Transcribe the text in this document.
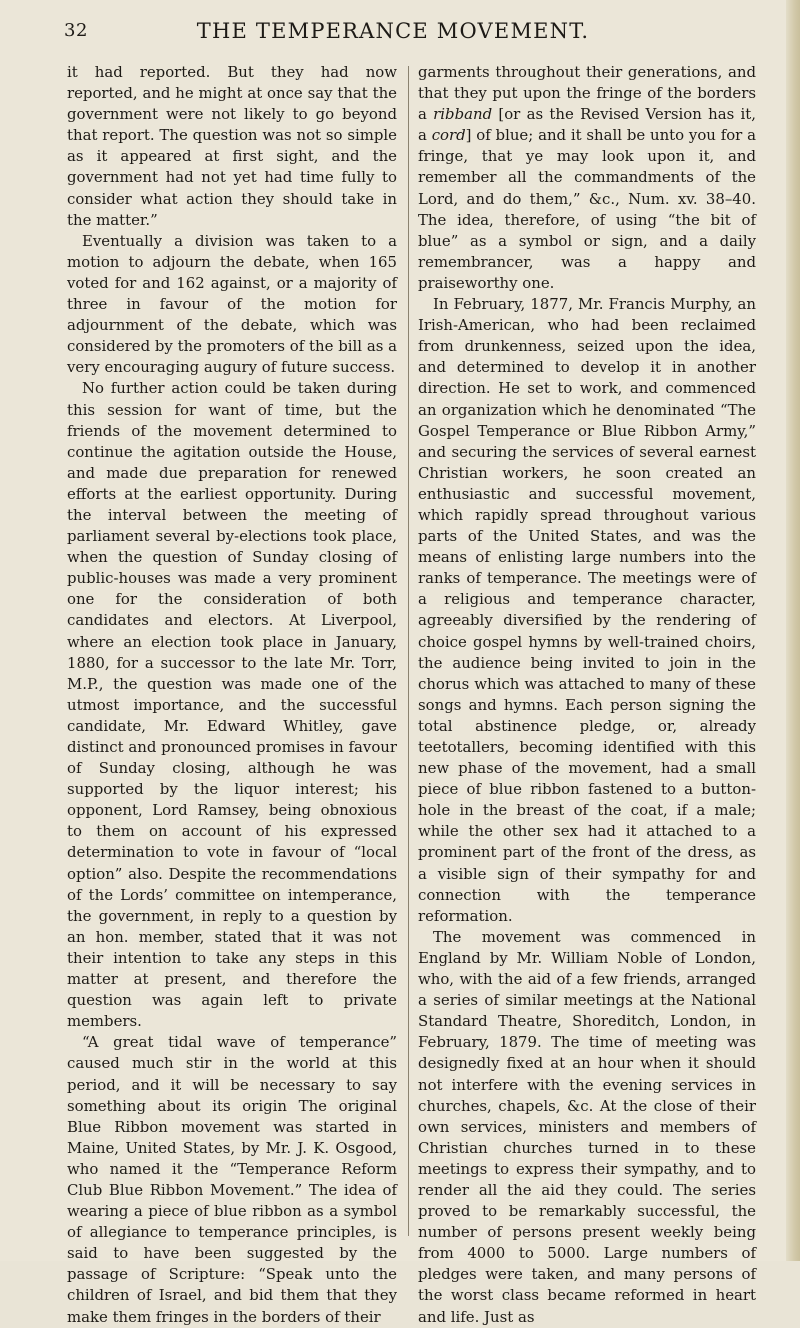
32	THE TEMPERANCE MOVEMENT.

it had reported. But they had now reported, and he might at once say that the government were not likely to go beyond that report. The question was not so simple as it appeared at first sight, and the government had not yet had time fully to consider what action they should take in the matter.”

Eventually a division was taken to a motion to adjourn the debate, when 165 voted for and 162 against, or a majority of three in favour of the motion for adjournment of the debate, which was considered by the promoters of the bill as a very encouraging augury of future success.

No further action could be taken during this session for want of time, but the friends of the movement determined to continue the agitation outside the House, and made due preparation for renewed efforts at the earliest opportunity. During the interval between the meeting of parliament several by-elections took place, when the question of Sunday closing of public-houses was made a very prominent one for the consideration of both candidates and electors. At Liverpool, where an election took place in January, 1880, for a successor to the late Mr. Torr, M.P., the question was made one of the utmost importance, and the successful candidate, Mr. Edward Whitley, gave distinct and pronounced promises in favour of Sunday closing, although he was supported by the liquor interest; his opponent, Lord Ramsey, being obnoxious to them on account of his expressed determination to vote in favour of “local option” also. Despite the recommendations of the Lords’ committee on intemperance, the government, in reply to a question by an hon. member, stated that it was not their intention to take any steps in this matter at present, and therefore the question was again left to private members.

“A great tidal wave of temperance” caused much stir in the world at this period, and it will be necessary to say something about its origin The original Blue Ribbon movement was started in Maine, United States, by Mr. J. K. Osgood, who named it the “Temperance Reform Club Blue Ribbon Movement.” The idea of wearing a piece of blue ribbon as a symbol of allegiance to temperance principles, is said to have been suggested by the passage of Scripture: “Speak unto the children of Israel, and bid them that they make them fringes in the borders of their

garments throughout their generations, and that they put upon the fringe of the borders a ribband [or as the Revised Version has it, a cord] of blue; and it shall be unto you for a fringe, that ye may look upon it, and remember all the commandments of the Lord, and do them,” &c., Num. xv. 38–40. The idea, therefore, of using “the bit of blue” as a symbol or sign, and a daily remembrancer, was a happy and praiseworthy one.

In February, 1877, Mr. Francis Murphy, an Irish-American, who had been reclaimed from drunkenness, seized upon the idea, and determined to develop it in another direction. He set to work, and commenced an organization which he denominated “The Gospel Temperance or Blue Ribbon Army,” and securing the services of several earnest Christian workers, he soon created an enthusiastic and successful movement, which rapidly spread throughout various parts of the United States, and was the means of enlisting large numbers into the ranks of temperance. The meetings were of a religious and temperance character, agreeably diversified by the rendering of choice gospel hymns by well-trained choirs, the audience being invited to join in the chorus which was attached to many of these songs and hymns. Each person signing the total abstinence pledge, or, already teetotallers, becoming identified with this new phase of the movement, had a small piece of blue ribbon fastened to a button-hole in the breast of the coat, if a male; while the other sex had it attached to a prominent part of the front of the dress, as a visible sign of their sympathy for and connection with the temperance reformation.

The movement was commenced in England by Mr. William Noble of London, who, with the aid of a few friends, arranged a series of similar meetings at the National Standard Theatre, Shoreditch, London, in February, 1879. The time of meeting was designedly fixed at an hour when it should not interfere with the evening services in churches, chapels, &c. At the close of their own services, ministers and members of Christian churches turned in to these meetings to express their sympathy, and to render all the aid they could. The series proved to be remarkably successful, the number of persons present weekly being from 4000 to 5000. Large numbers of pledges were taken, and many persons of the worst class became reformed in heart and life. Just as
